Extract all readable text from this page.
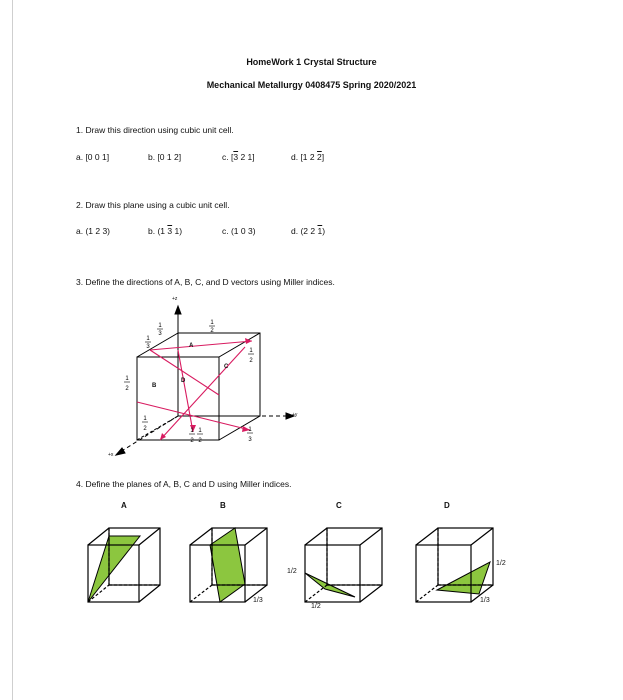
HomeWork 1 Crystal Structure
Mechanical Metallurgy 0408475 Spring 2020/2021
1. Draw this direction using cubic unit cell.
a. [0 0 1]	b. [0 1 2]	c. [3 2 1]	d. [1 2 2]
2. Draw this plane using a cubic unit cell.
a. (1 2 3)	b. (1 3 1)	c. (1 0 3)	d. (2 2 1)
3. Define the directions of A, B, C, and D vectors using Miller indices.
1
3
1
3
1
2
1
2
1
2
1
2	1
2
1
2
1
3
A
B
C
D
+z
+y
+x
4. Define the planes of A, B, C and D using Miller indices.
A	B	C	D
1/3
1/2
1/2
1/2
1/3
